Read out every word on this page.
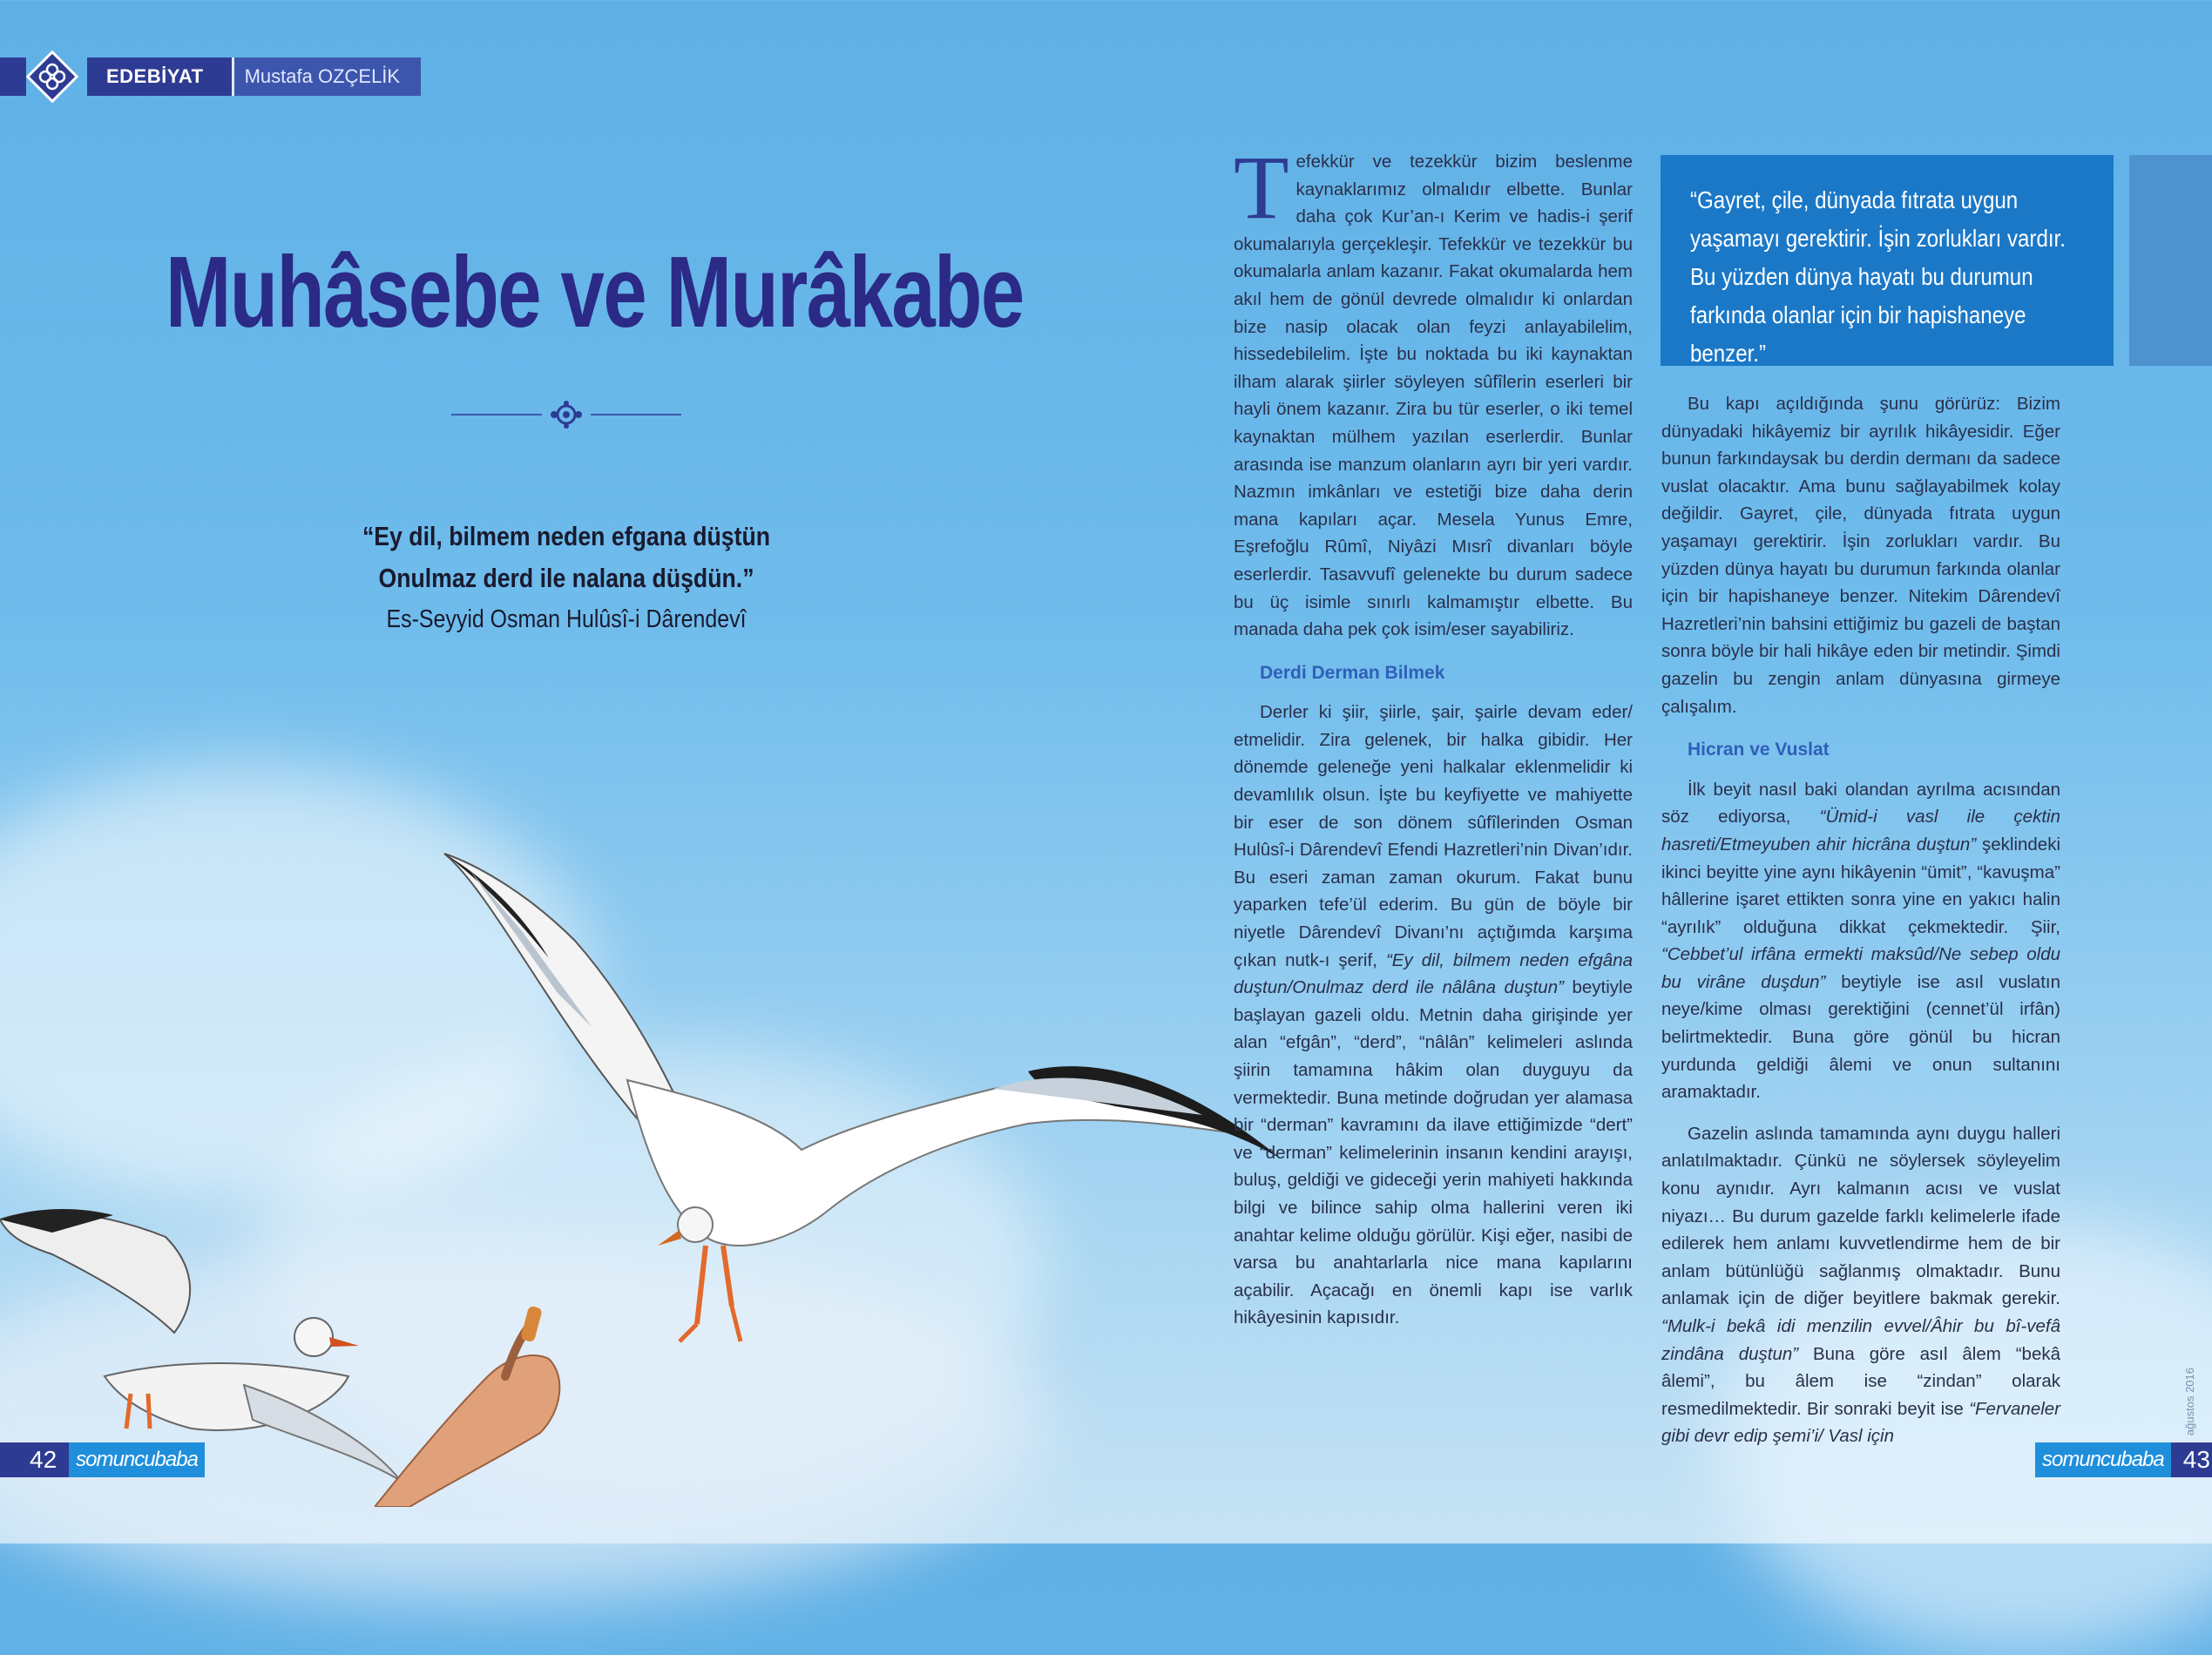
EDEBİYAT	Mustafa OZÇELİK
Muhâsebe ve Murâkabe
“Ey dil, bilmem neden efgana düştün
Onulmaz derd ile nalana düşdün.”
Es-Seyyid Osman Hulûsî-i Dârendevî
42 somuncubaba

Tefekkür ve tezekkür bizim beslenme kaynaklarımız olmalıdır elbette. Bunlar daha çok Kur’an-ı Kerim ve hadis-i şerif okumalarıyla gerçekleşir. Tefekkür ve tezekkür bu okumalarla anlam kazanır. Fakat okumalarda hem akıl hem de gönül devrede olmalıdır ki onlardan bize nasip olacak olan feyzi anlayabilelim, hissedebilelim. İşte bu noktada bu iki kaynaktan ilham alarak şiirler söyleyen sûfîlerin eserleri bir hayli önem kazanır. Zira bu tür eserler, o iki temel kaynaktan mülhem yazılan eserlerdir. Bunlar arasında ise manzum olanların ayrı bir yeri vardır. Nazmın imkânları ve estetiği bize daha derin mana kapıları açar. Mesela Yunus Emre, Eşrefoğlu Rûmî, Niyâzi Mısrî divanları böyle eserlerdir. Tasavvufî gelenekte bu durum sadece bu üç isimle sınırlı kalmamıştır elbette. Bu manada daha pek çok isim/eser sayabiliriz.

Derdi Derman Bilmek

Derler ki şiir, şiirle, şair, şairle devam eder/ etmelidir. Zira gelenek, bir halka gibidir. Her dönemde geleneğe yeni halkalar eklenmelidir ki devamlılık olsun. İşte bu keyfiyette ve mahiyette bir eser de son dönem sûfîlerinden Osman Hulûsî-i Dârendevî Efendi Hazretleri’nin Divan’ıdır. Bu eseri zaman zaman okurum. Fakat bunu yaparken tefe’ül ederim. Bu gün de böyle bir niyetle Dârendevî Divanı’nı açtığımda karşıma çıkan nutk-ı şerif, “Ey dil, bilmem neden efgâna duştun/Onulmaz derd ile nâlâna duştun” beytiyle başlayan gazeli oldu. Metnin daha girişinde yer alan “efgân”, “derd”, “nâlân” kelimeleri aslında şiirin tamamına hâkim olan duyguyu da vermektedir. Buna metinde doğrudan yer alamasa bir “derman” kavramını da ilave ettiğimizde “dert” ve “derman” kelimelerinin insanın kendini arayışı, buluş, geldiği ve gideceği yerin mahiyeti hakkında bilgi ve bilince sahip olma hallerini veren iki anahtar kelime olduğu görülür. Kişi eğer, nasibi de varsa bu anahtarlarla nice mana kapılarını açabilir. Açacağı en önemli kapı ise varlık hikâyesinin kapısıdır.

“Gayret, çile, dünyada fıtrata uygun yaşamayı gerektirir. İşin zorlukları vardır. Bu yüzden dünya hayatı bu durumun farkında olanlar için bir hapishaneye benzer.”

Bu kapı açıldığında şunu görürüz: Bizim dünyadaki hikâyemiz bir ayrılık hikâyesidir. Eğer bunun farkındaysak bu derdin dermanı da sadece vuslat olacaktır. Ama bunu sağlayabilmek kolay değildir. Gayret, çile, dünyada fıtrata uygun yaşamayı gerektirir. İşin zorlukları vardır. Bu yüzden dünya hayatı bu durumun farkında olanlar için bir hapishaneye benzer. Nitekim Dârendevî Hazretleri’nin bahsini ettiğimiz bu gazeli de baştan sonra böyle bir hali hikâye eden bir metindir. Şimdi gazelin bu zengin anlam dünyasına girmeye çalışalım.

Hicran ve Vuslat

İlk beyit nasıl baki olandan ayrılma acısından söz ediyorsa, “Ümid-i vasl ile çektin hasreti/Etmeyuben ahir hicrâna duştun” şeklindeki ikinci beyitte yine aynı hikâyenin “ümit”, “kavuşma” hâllerine işaret ettikten sonra yine en yakıcı halin “ayrılık” olduğuna dikkat çekmektedir. Şiir, “Cebbet’ul irfâna ermekti maksûd/Ne sebep oldu bu virâne duşdun” beytiyle ise asıl vuslatın neye/kime olması gerektiğini (cennet’ül irfân) belirtmektedir. Buna göre gönül bu hicran yurdunda geldiği âlemi ve onun sultanını aramaktadır.

Gazelin aslında tamamında aynı duygu halleri anlatılmaktadır. Çünkü ne söylersek söyleyelim konu aynıdır. Ayrı kalmanın acısı ve vuslat niyazı… Bu durum gazelde farklı kelimelerle ifade edilerek hem anlamı kuvvetlendirme hem de bir anlam bütünlüğü sağlanmış olmaktadır. Bunu anlamak için de diğer beyitlere bakmak gerekir. “Mulk-i bekâ idi menzilin evvel/Âhir bu bî-vefâ zindâna duştun” Buna göre asıl âlem “bekâ âlemi”, bu âlem ise “zindan” olarak resmedilmektedir. Bir sonraki beyit ise “Fervaneler gibi devr edip şemi’i/ Vasl için

ağustos 2016
somuncubaba 43
